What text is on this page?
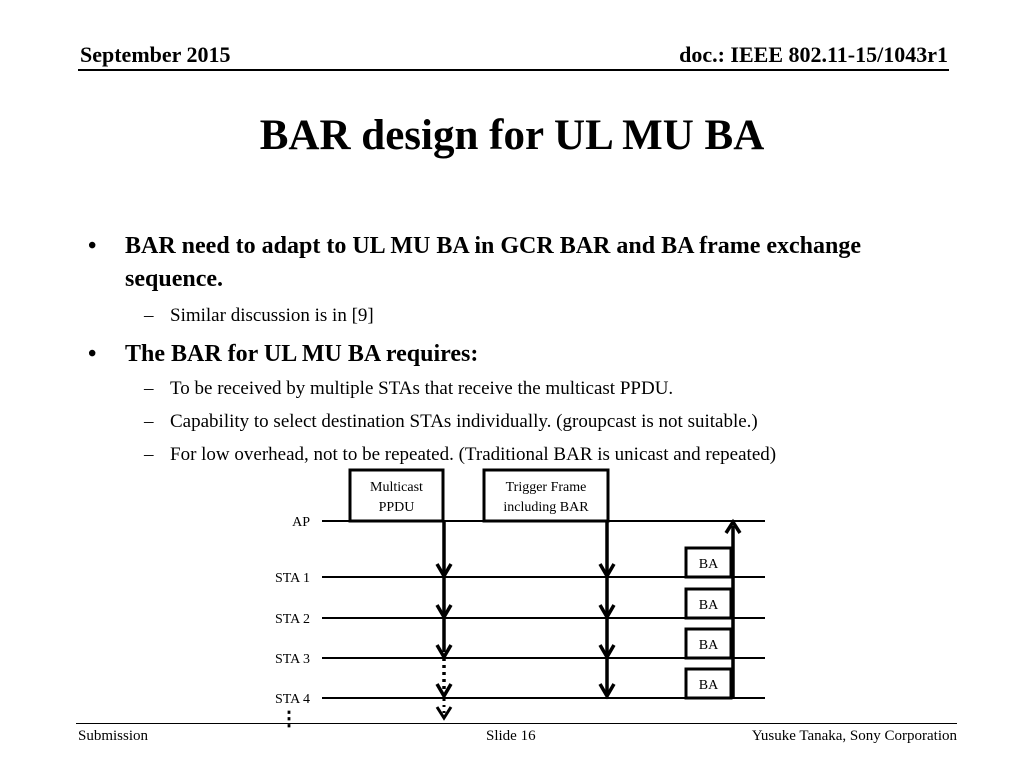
September 2015	doc.: IEEE 802.11-15/1043r1
BAR design for UL MU BA
• BAR need to adapt to UL MU BA in GCR BAR and BA frame exchange sequence.
– Similar discussion is in [9]
• The BAR for UL MU BA requires:
– To be received by multiple STAs that receive the multicast PPDU.
– Capability to select destination STAs individually. (groupcast is not suitable.)
– For low overhead, not to be repeated. (Traditional BAR is unicast and repeated)
AP
STA 1
STA 2
STA 3
STA 4
Multicast
PPDU
Trigger Frame
including BAR
BA
BA
BA
BA
⋮
Submission	Slide 16	Yusuke Tanaka, Sony Corporation
